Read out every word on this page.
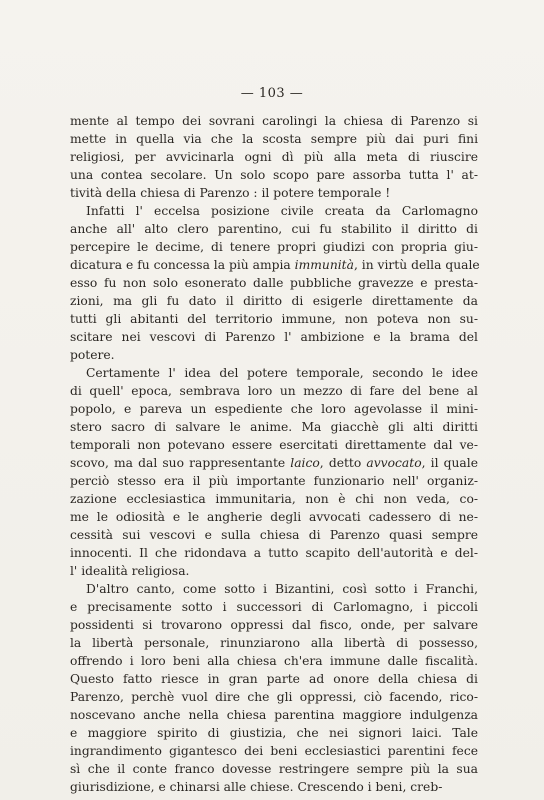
— 103 —
mente al tempo dei sovrani carolingi la chiesa di Parenzo si
mette in quella via che la scosta sempre più dai puri fini
religiosi, per avvicinarla ogni dì più alla meta di riuscire
una contea secolare. Un solo scopo pare assorba tutta l' at-
tività della chiesa di Parenzo : il potere temporale !
Infatti l' eccelsa posizione civile creata da Carlomagno
anche all' alto clero parentino, cui fu stabilito il diritto di
percepire le decime, di tenere propri giudizi con propria giu-
dicatura e fu concessa la più ampia immunità, in virtù della quale
esso fu non solo esonerato dalle pubbliche gravezze e presta-
zioni, ma gli fu dato il diritto di esigerle direttamente da
tutti gli abitanti del territorio immune, non poteva non su-
scitare nei vescovi di Parenzo l' ambizione e la brama del
potere.
Certamente l' idea del potere temporale, secondo le idee
di quell' epoca, sembrava loro un mezzo di fare del bene al
popolo, e pareva un espediente che loro agevolasse il mini-
stero sacro di salvare le anime. Ma giacchè gli alti diritti
temporali non potevano essere esercitati direttamente dal ve-
scovo, ma dal suo rappresentante laico, detto avvocato, il quale
perciò stesso era il più importante funzionario nell' organiz-
zazione ecclesiastica immunitaria, non è chi non veda, co-
me le odiosità e le angherie degli avvocati cadessero di ne-
cessità sui vescovi e sulla chiesa di Parenzo quasi sempre
innocenti. Il che ridondava a tutto scapito dell'autorità e del-
l' idealità religiosa.
D'altro canto, come sotto i Bizantini, così sotto i Franchi,
e precisamente sotto i successori di Carlomagno, i piccoli
possidenti si trovarono oppressi dal fisco, onde, per salvare
la libertà personale, rinunziarono alla libertà di possesso,
offrendo i loro beni alla chiesa ch'era immune dalle fiscalità.
Questo fatto riesce in gran parte ad onore della chiesa di
Parenzo, perchè vuol dire che gli oppressi, ciò facendo, rico-
noscevano anche nella chiesa parentina maggiore indulgenza
e maggiore spirito di giustizia, che nei signori laici. Tale
ingrandimento gigantesco dei beni ecclesiastici parentini fece
sì che il conte franco dovesse restringere sempre più la sua
giurisdizione, e chinarsi alle chiese. Crescendo i beni, creb-
